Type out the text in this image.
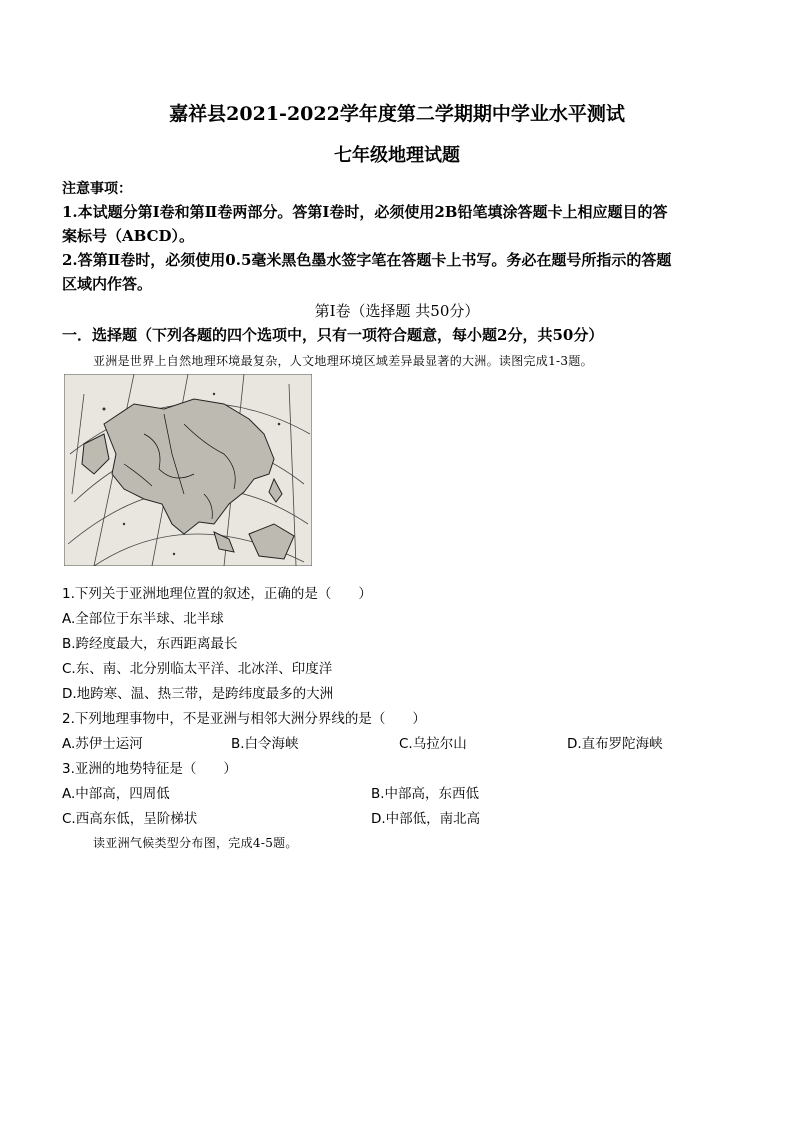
嘉祥县2021-2022学年度第二学期期中学业水平测试
七年级地理试题
注意事项：
1.本试题分第Ⅰ卷和第Ⅱ卷两部分。答第Ⅰ卷时，必须使用2B铅笔填涂答题卡上相应题目的答
案标号（ABCD）。
2.答第Ⅱ卷时，必须使用0.5毫米黑色墨水签字笔在答题卡上书写。务必在题号所指示的答题
区域内作答。
第Ⅰ卷（选择题 共50分）
一．选择题（下列各题的四个选项中，只有一项符合题意，每小题2分，共50分）
亚洲是世界上自然地理环境最复杂，人文地理环境区域差异最显著的大洲。读图完成1-3题。
1.下列关于亚洲地理位置的叙述，正确的是（　　）
A.全部位于东半球、北半球
B.跨经度最大，东西距离最长
C.东、南、北分别临太平洋、北冰洋、印度洋
D.地跨寒、温、热三带，是跨纬度最多的大洲
2.下列地理事物中，不是亚洲与相邻大洲分界线的是（　　）
A.苏伊士运河	B.白令海峡	C.乌拉尔山	D.直布罗陀海峡
3.亚洲的地势特征是（　　）
A.中部高，四周低	B.中部高，东西低
C.西高东低，呈阶梯状	D.中部低，南北高
读亚洲气候类型分布图，完成4-5题。
